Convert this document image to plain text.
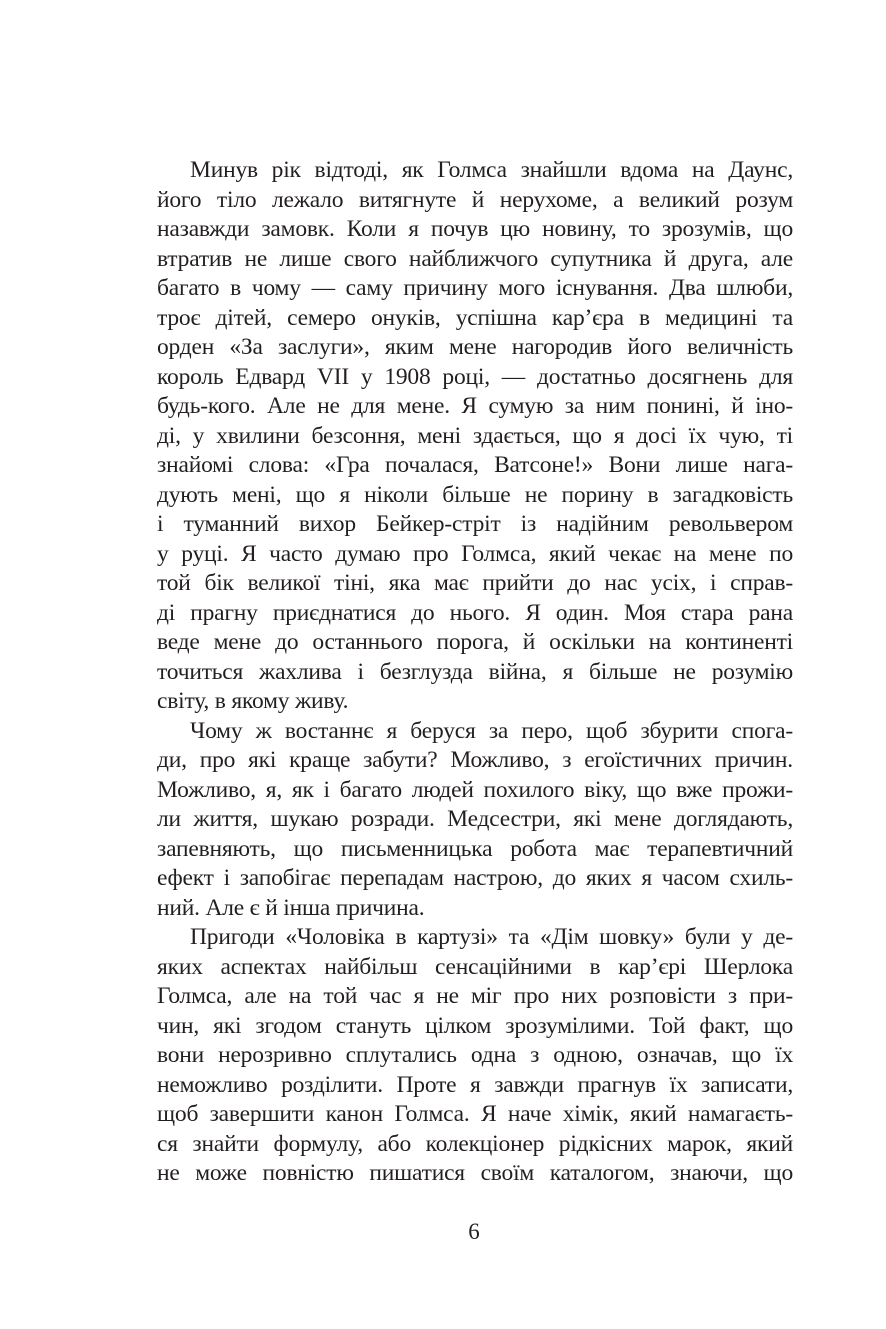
Минув рік відтоді, як Голмса знайшли вдома на Даунс,
його тіло лежало витягнуте й нерухоме, а великий розум
назавжди замовк. Коли я почув цю новину, то зрозумів, що
втратив не лише свого найближчого супутника й друга, але
багато в чому — саму причину мого існування. Два шлюби,
троє дітей, семеро онуків, успішна кар’єра в медицині та
орден «За заслуги», яким мене нагородив його величність
король Едвард VII у 1908 році, — достатньо досягнень для
будь-кого. Але не для мене. Я сумую за ним понині, й іно-
ді, у хвилини безсоння, мені здається, що я досі їх чую, ті
знайомі слова: «Гра почалася, Ватсоне!» Вони лише нага-
дують мені, що я ніколи більше не порину в загадковість
і туманний вихор Бейкер-стріт із надійним револьвером
у руці. Я часто думаю про Голмса, який чекає на мене по
той бік великої тіні, яка має прийти до нас усіх, і справ-
ді прагну приєднатися до нього. Я один. Моя стара рана
веде мене до останнього порога, й оскільки на континенті
точиться жахлива і безглузда війна, я більше не розумію
світу, в якому живу.
Чому ж востаннє я беруся за перо, щоб збурити спога-
ди, про які краще забути? Можливо, з егоїстичних причин.
Можливо, я, як і багато людей похилого віку, що вже прожи-
ли життя, шукаю розради. Медсестри, які мене доглядають,
запевняють, що письменницька робота має терапевтичний
ефект і запобігає перепадам настрою, до яких я часом схиль-
ний. Але є й інша причина.
Пригоди «Чоловіка в картузі» та «Дім шовку» були у де-
яких аспектах найбільш сенсаційними в кар’єрі Шерлока
Голмса, але на той час я не міг про них розповісти з при-
чин, які згодом стануть цілком зрозумілими. Той факт, що
вони нерозривно сплутались одна з одною, означав, що їх
неможливо розділити. Проте я завжди прагнув їх записати,
щоб завершити канон Голмса. Я наче хімік, який намагаєть-
ся знайти формулу, або колекціонер рідкісних марок, який
не може повністю пишатися своїм каталогом, знаючи, що
6
